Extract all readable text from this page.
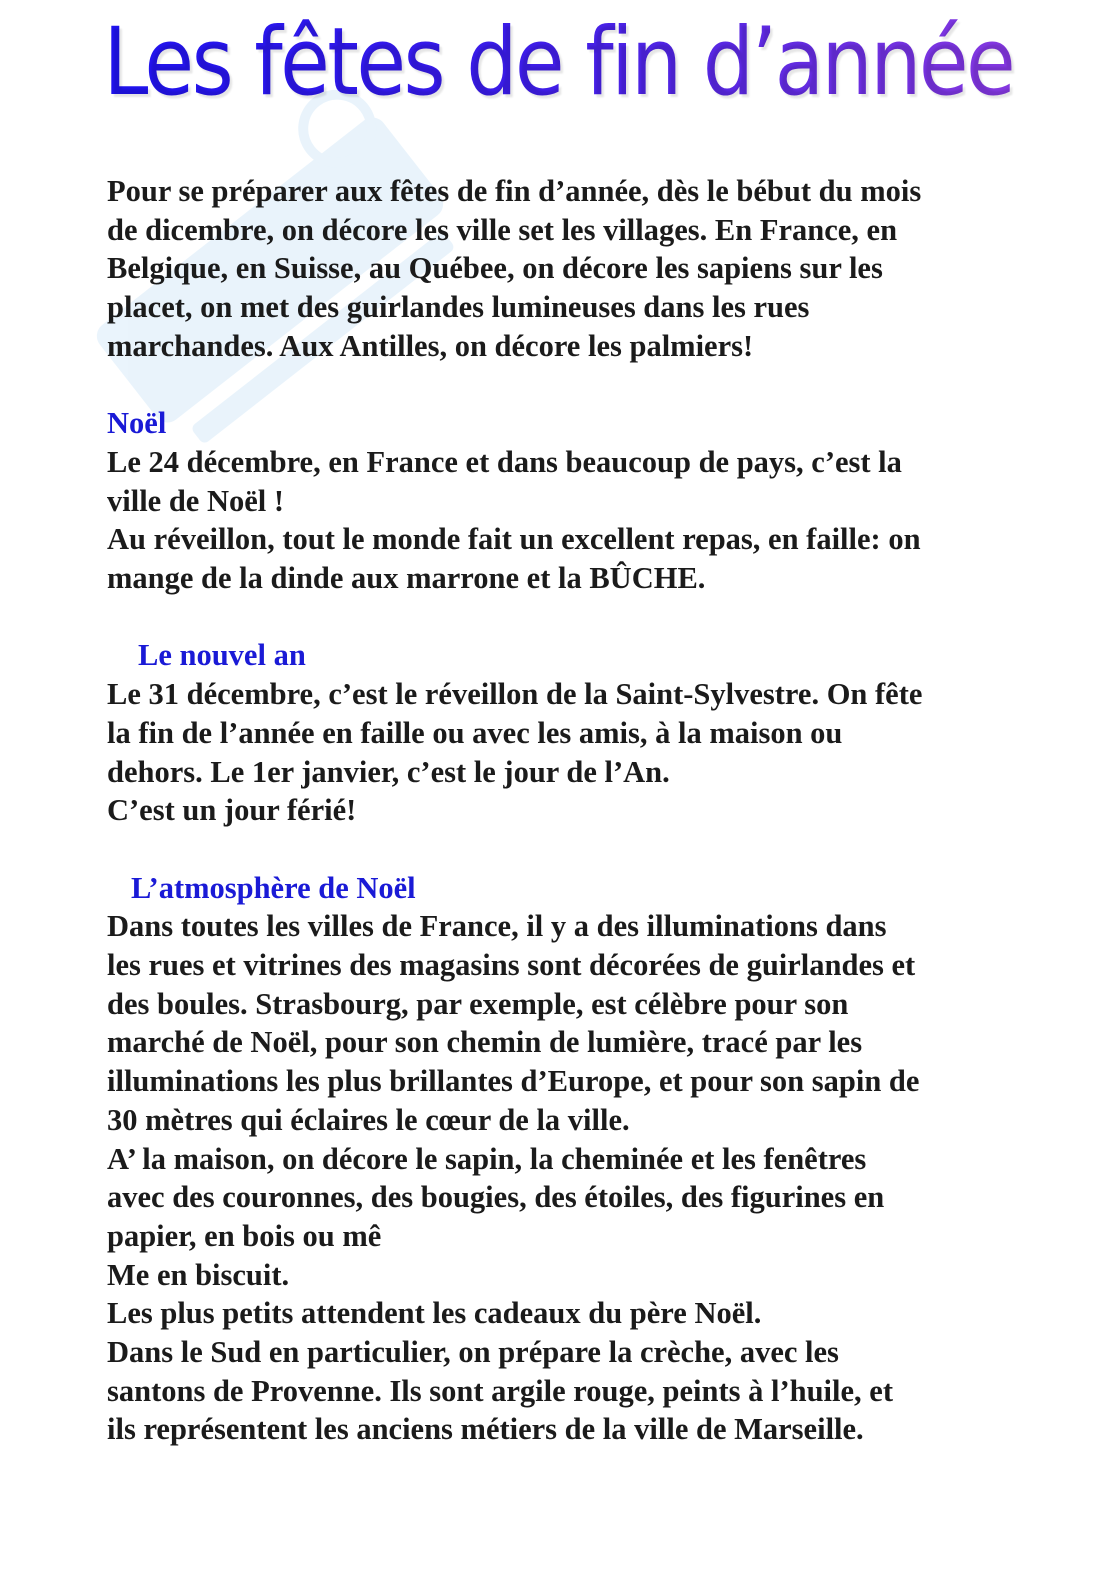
Les fêtes de fin d’année

Pour se préparer aux fêtes de fin d’année, dès le bébut du mois

de dicembre, on décore les ville set les villages. En France, en

Belgique, en Suisse, au Québee, on décore les sapiens sur les

placet, on met des guirlandes lumineuses dans les rues

marchandes. Aux Antilles, on décore les palmiers!

Noël

Le 24 décembre, en France et dans beaucoup de pays, c’est la

ville de Noël !

Au réveillon, tout le monde fait un excellent repas, en faille: on

mange de la dinde aux marrone et la BÛCHE.

Le nouvel an

Le 31 décembre, c’est le réveillon de la Saint-Sylvestre. On fête

la fin de l’année en faille ou avec les amis, à la maison ou

dehors. Le 1er janvier, c’est le jour de l’An.

C’est un jour férié!

L’atmosphère de Noël

Dans toutes les villes de France, il y a des illuminations dans

les rues et vitrines des magasins sont décorées de guirlandes et

des boules. Strasbourg, par exemple, est célèbre pour son

marché de Noël, pour son chemin de lumière, tracé par les

illuminations les plus brillantes d’Europe, et pour son sapin de

30 mètres qui éclaires le cœur de la ville.

A’ la maison, on décore le sapin, la cheminée et les fenêtres

avec des couronnes, des bougies, des étoiles, des figurines en

papier, en bois ou mê

Me en biscuit.

Les plus petits attendent les cadeaux du père Noël.

Dans le Sud en particulier, on prépare la crèche, avec les

santons de Provenne. Ils sont argile rouge, peints à l’huile, et

ils représentent les anciens métiers de la ville de Marseille.
